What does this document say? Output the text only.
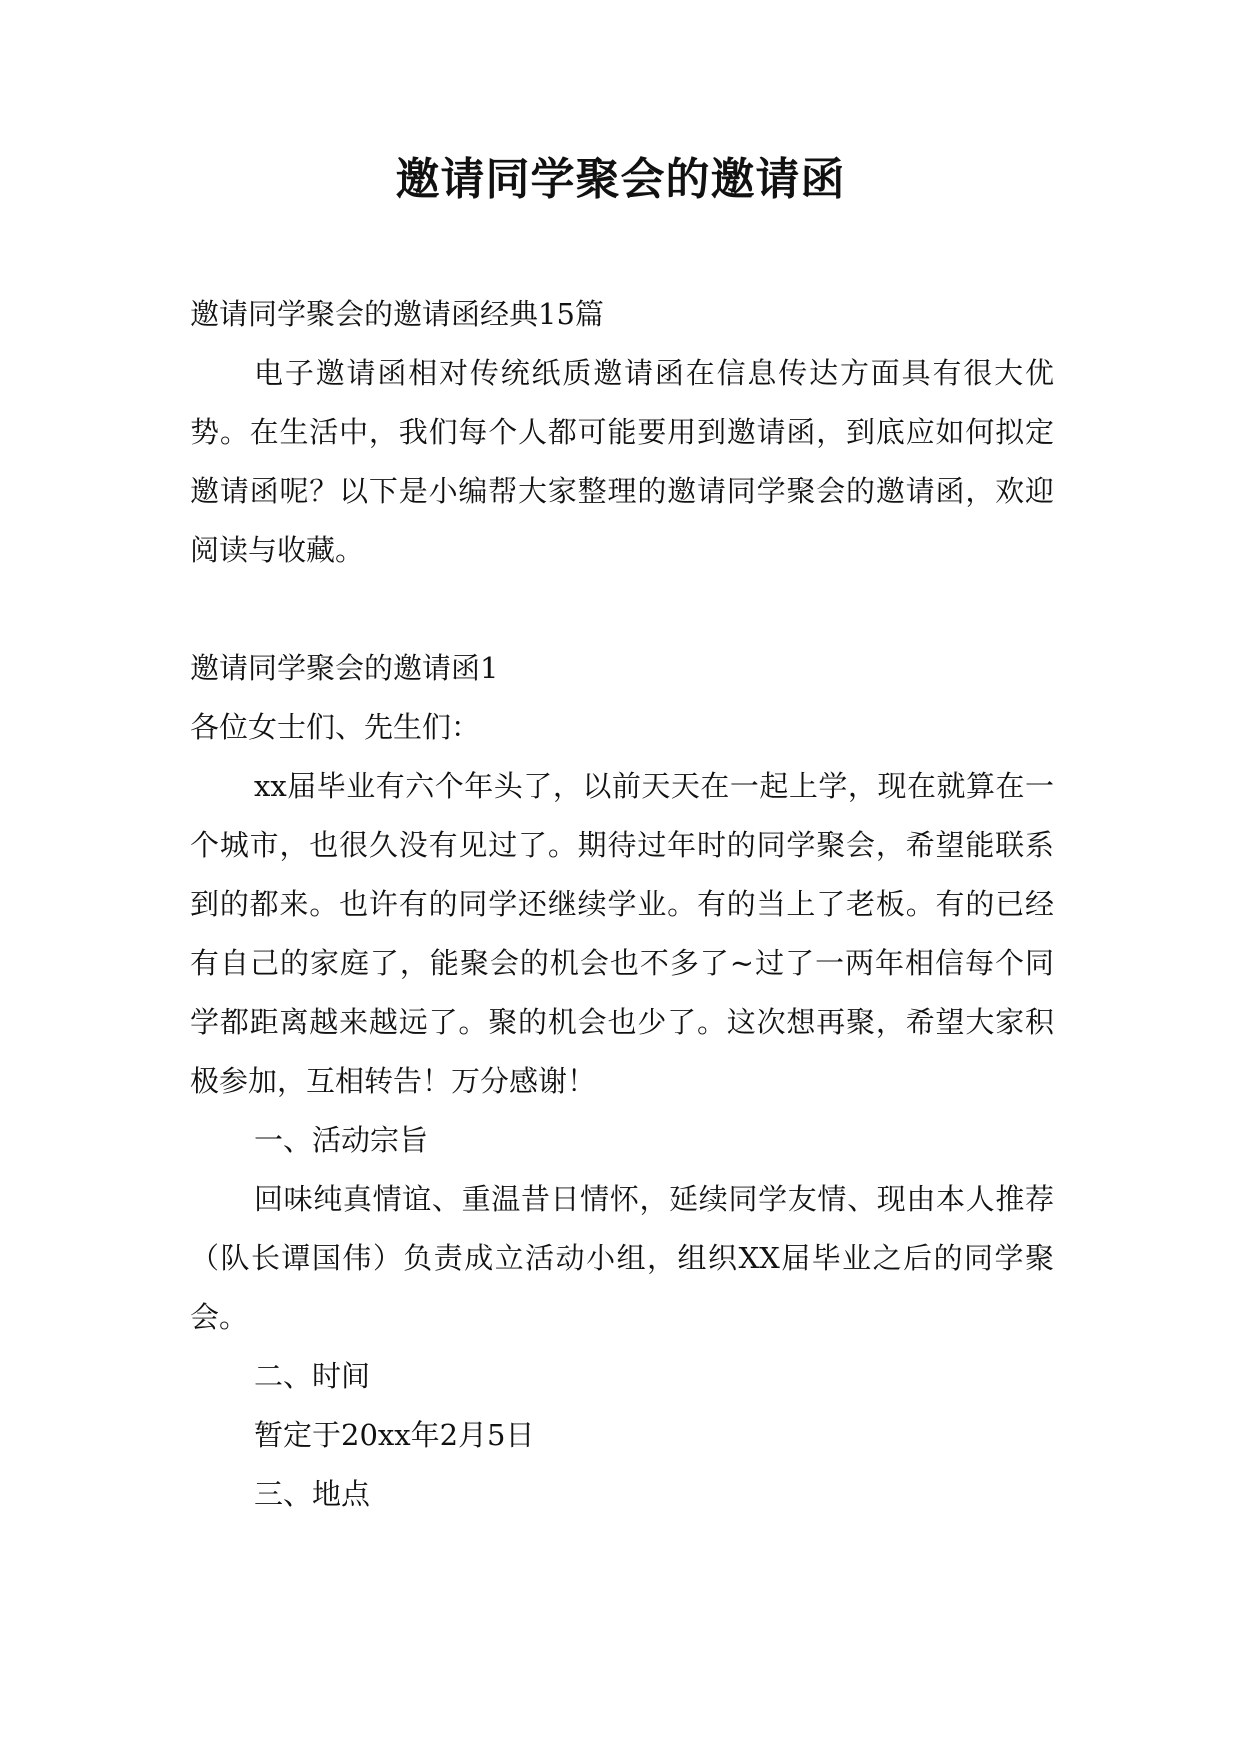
邀请同学聚会的邀请函

邀请同学聚会的邀请函经典15篇

电子邀请函相对传统纸质邀请函在信息传达方面具有很大优势。在生活中，我们每个人都可能要用到邀请函，到底应如何拟定邀请函呢？以下是小编帮大家整理的邀请同学聚会的邀请函，欢迎阅读与收藏。

邀请同学聚会的邀请函1

各位女士们、先生们：

xx届毕业有六个年头了，以前天天在一起上学，现在就算在一个城市，也很久没有见过了。期待过年时的同学聚会，希望能联系到的都来。也许有的同学还继续学业。有的当上了老板。有的已经有自己的家庭了，能聚会的机会也不多了~过了一两年相信每个同学都距离越来越远了。聚的机会也少了。这次想再聚，希望大家积极参加，互相转告！万分感谢！

一、活动宗旨

回味纯真情谊、重温昔日情怀，延续同学友情、现由本人推荐（队长谭国伟）负责成立活动小组，组织XX届毕业之后的同学聚会。

二、时间

暂定于20xx年2月5日

三、地点
